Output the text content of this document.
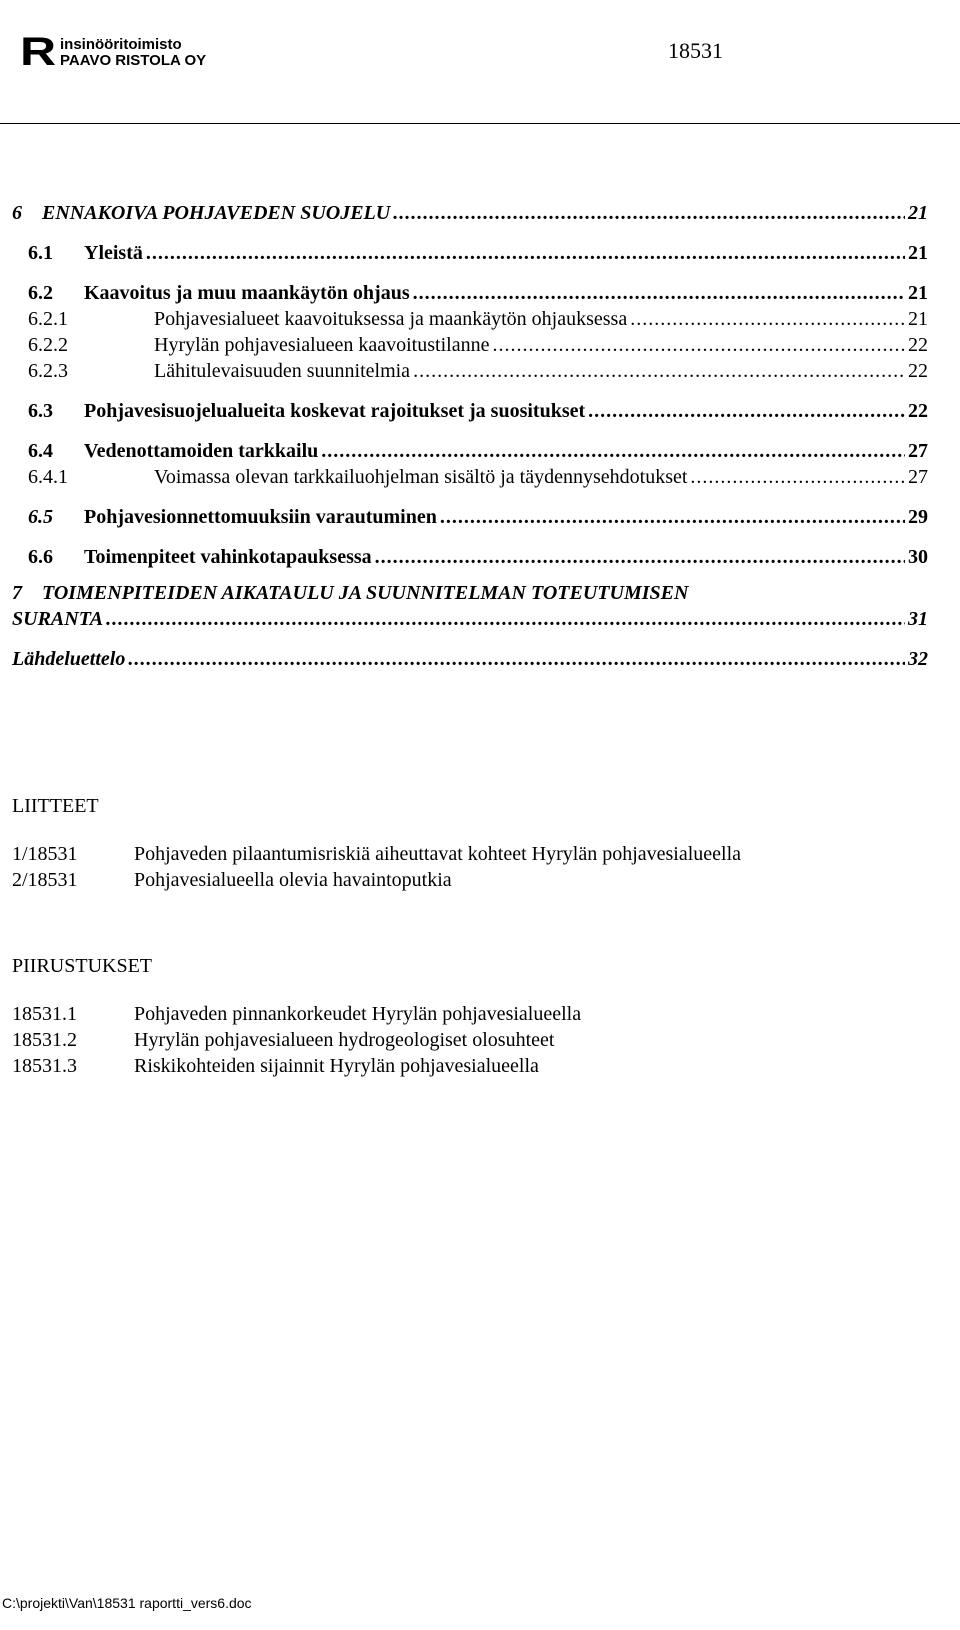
R insinööritoimisto
PAAVO RISTOLA OY	18531
6	ENNAKOIVA POHJAVEDEN SUOJELU .....	21
6.1	Yleistä .....	21
6.2	Kaavoitus ja muu maankäytön ohjaus .....	21
6.2.1	Pohjavesialueet kaavoituksessa ja maankäytön ohjauksessa .....	21
6.2.2	Hyrylän pohjavesialueen kaavoitustilanne .....	22
6.2.3	Lähitulevaisuuden suunnitelmia .....	22
6.3	Pohjavesisuojelualueita koskevat rajoitukset ja suositukset .....	22
6.4	Vedenottamoiden tarkkailu .....	27
6.4.1	Voimassa olevan tarkkailuohjelman sisältö ja täydennysehdotukset .....	27
6.5	Pohjavesionnettomuuksiin varautuminen .....	29
6.6	Toimenpiteet vahinkotapauksessa .....	30
7 TOIMENPITEIDEN AIKATAULU JA SUUNNITELMAN TOTEUTUMISEN
SURANTA .....	31
Lähdeluettelo .....	32
LIITTEET
1/18531	Pohjaveden pilaantumisriskiä aiheuttavat kohteet Hyrylän pohjavesialueella
2/18531	Pohjavesialueella olevia havaintoputkia
PIIRUSTUKSET
18531.1	Pohjaveden pinnankorkeudet Hyrylän pohjavesialueella
18531.2	Hyrylän pohjavesialueen hydrogeologiset olosuhteet
18531.3	Riskikohteiden sijainnit Hyrylän pohjavesialueella
C:\projekti\Van\18531 raportti_vers6.doc
